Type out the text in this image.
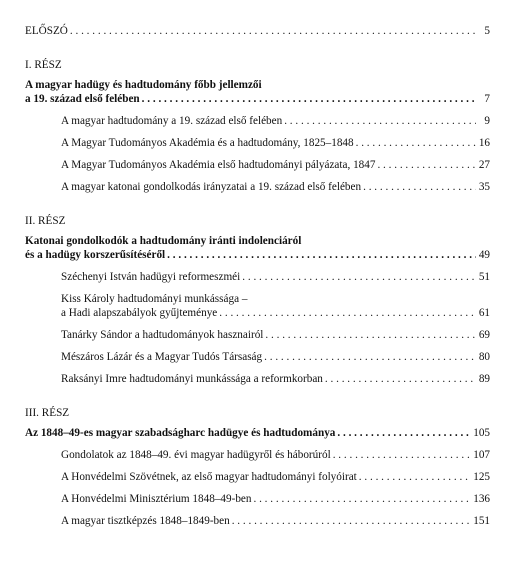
ELŐSZÓ . . .	5
I. RÉSZ
A magyar hadügy és hadtudomány főbb jellemzői
a 19. század első felében . . .	7
A magyar hadtudomány a 19. század első felében . . .	9
A Magyar Tudományos Akadémia és a hadtudomány, 1825–1848 . . .	16
A Magyar Tudományos Akadémia első hadtudományi pályázata, 1847 . . .	27
A magyar katonai gondolkodás irányzatai a 19. század első felében . . .	35
II. RÉSZ
Katonai gondolkodók a hadtudomány iránti indolenciáról
és a hadügy korszerűsítéséről . . .	49
Széchenyi István hadügyi reformeszméi . . .	51
Kiss Károly hadtudományi munkássága –
a Hadi alapszabályok gyűjteménye . . .	61
Tanárky Sándor a hadtudományok hasznairól . . .	69
Mészáros Lázár és a Magyar Tudós Társaság . . .	80
Raksányi Imre hadtudományi munkássága a reformkorban . . .	89
III. RÉSZ
Az 1848–49-es magyar szabadságharc hadügye és hadtudománya . . .	105
Gondolatok az 1848–49. évi magyar hadügyről és háborúról . . .	107
A Honvédelmi Szövétnek, az első magyar hadtudományi folyóirat . . .	125
A Honvédelmi Minisztérium 1848–49-ben . . .	136
A magyar tisztképzés 1848–1849-ben . . .	151
